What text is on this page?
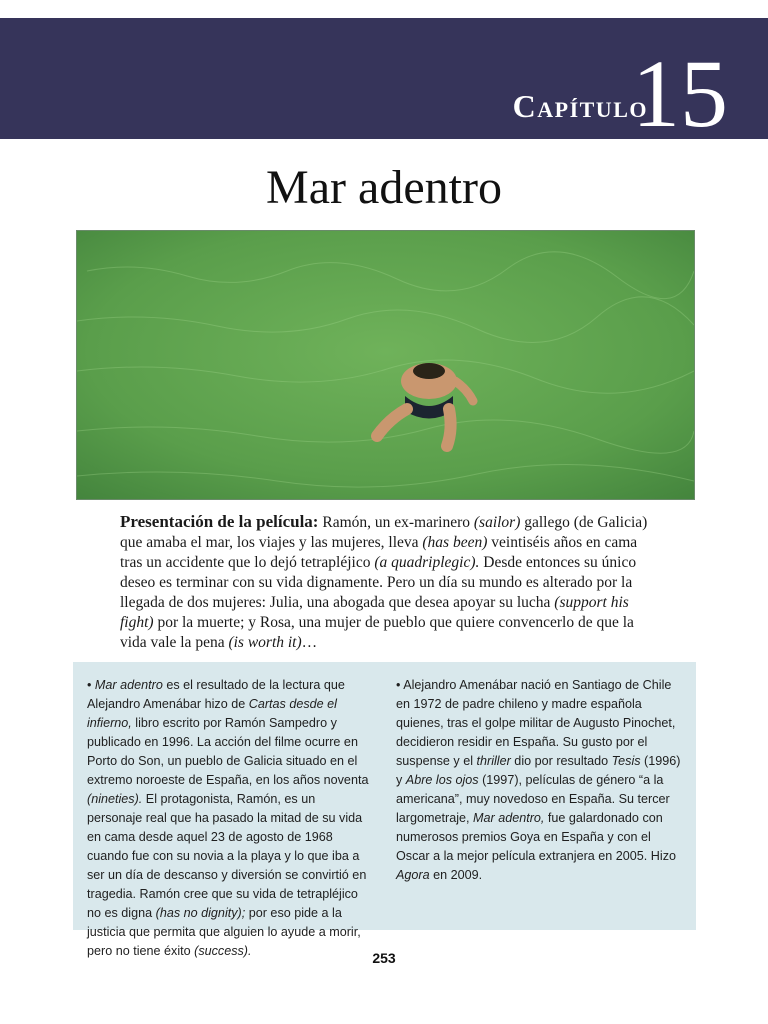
Capítulo
15
Mar adentro
Presentación de la película: Ramón, un ex-marinero (sailor) gallego (de Galicia) que amaba el mar, los viajes y las mujeres, lleva (has been) veintiséis años en cama tras un accidente que lo dejó tetrapléjico (a quadriplegic). Desde entonces su único deseo es terminar con su vida dignamente. Pero un día su mundo es alterado por la llegada de dos mujeres: Julia, una abogada que desea apoyar su lucha (support his fight) por la muerte; y Rosa, una mujer de pueblo que quiere convencerlo de que la vida vale la pena (is worth it)…

• Mar adentro es el resultado de la lectura que Alejandro Amenábar hizo de Cartas desde el infierno, libro escrito por Ramón Sampedro y publicado en 1996. La acción del filme ocurre en Porto do Son, un pueblo de Galicia situado en el extremo noroeste de España, en los años noventa (nineties). El protagonista, Ramón, es un personaje real que ha pasado la mitad de su vida en cama desde aquel 23 de agosto de 1968 cuando fue con su novia a la playa y lo que iba a ser un día de descanso y diversión se convirtió en tragedia. Ramón cree que su vida de tetrapléjico no es digna (has no dignity); por eso pide a la justicia que permita que alguien lo ayude a morir, pero no tiene éxito (success).

• Alejandro Amenábar nació en Santiago de Chile en 1972 de padre chileno y madre española quienes, tras el golpe militar de Augusto Pinochet, decidieron residir en España. Su gusto por el suspense y el thriller dio por resultado Tesis (1996) y Abre los ojos (1997), películas de género “a la americana”, muy novedoso en España. Su tercer largometraje, Mar adentro, fue galardonado con numerosos premios Goya en España y con el Oscar a la mejor película extranjera en 2005. Hizo Agora en 2009.

253
